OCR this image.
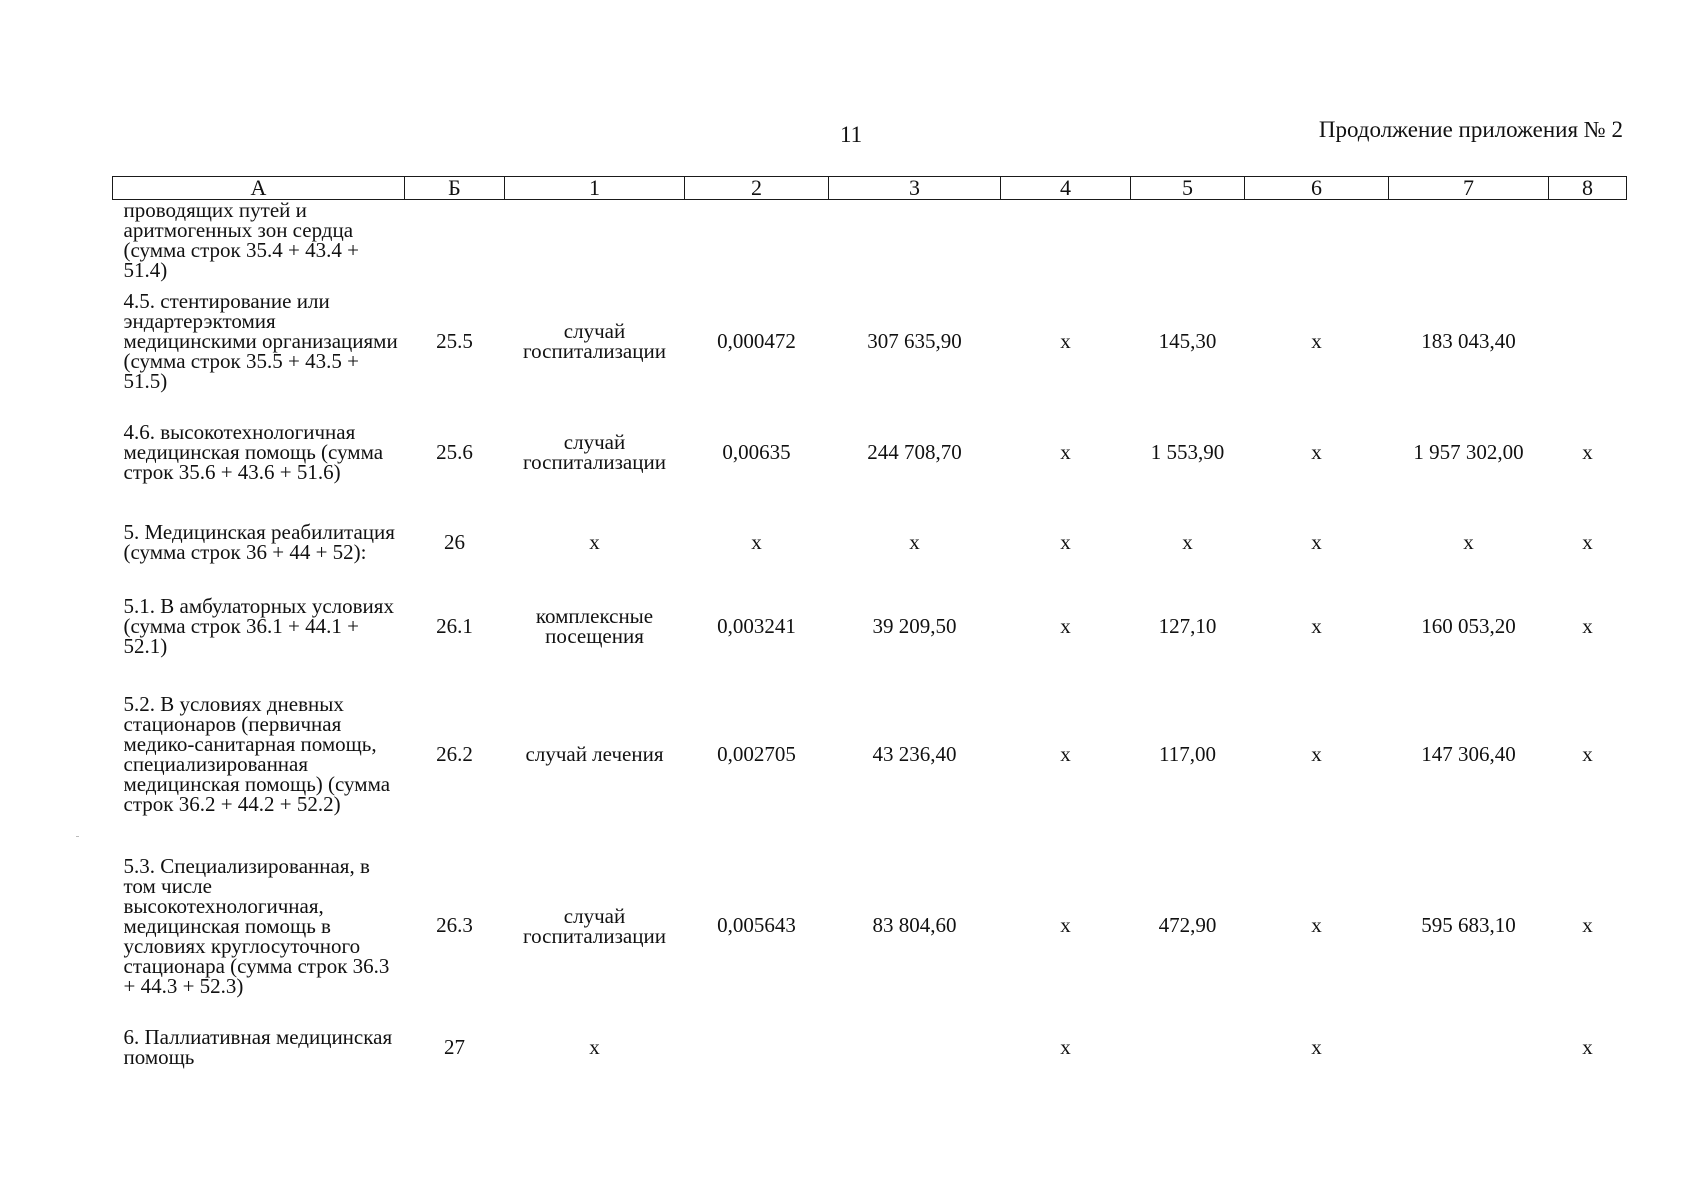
11	Продолжение приложения № 2
А	Б	1	2	3	4	5	6	7	8
проводящих путей и аритмогенных зон сердца (сумма строк 35.4 + 43.4 + 51.4)									
4.5. стентирование или эндартерэктомия медицинскими организациями (сумма строк 35.5 + 43.5 + 51.5)	25.5	случай госпитализации	0,000472	307 635,90	х	145,30	х	183 043,40	
4.6. высокотехнологичная медицинская помощь (сумма строк 35.6 + 43.6 + 51.6)	25.6	случай госпитализации	0,00635	244 708,70	х	1 553,90	х	1 957 302,00	х
5. Медицинская реабилитация (сумма строк 36 + 44 + 52):	26	х	х	х	х	х	х	х	х
5.1. В амбулаторных условиях (сумма строк 36.1 + 44.1 + 52.1)	26.1	комплексные посещения	0,003241	39 209,50	х	127,10	х	160 053,20	х
5.2. В условиях дневных стационаров (первичная медико-санитарная помощь, специализированная медицинская помощь) (сумма строк 36.2 + 44.2 + 52.2)	26.2	случай лечения	0,002705	43 236,40	х	117,00	х	147 306,40	х
5.3. Специализированная, в том числе высокотехнологичная, медицинская помощь в условиях круглосуточного стационара (сумма строк 36.3 + 44.3 + 52.3)	26.3	случай госпитализации	0,005643	83 804,60	х	472,90	х	595 683,10	х
6. Паллиативная медицинская помощь	27	х			х		х		х
